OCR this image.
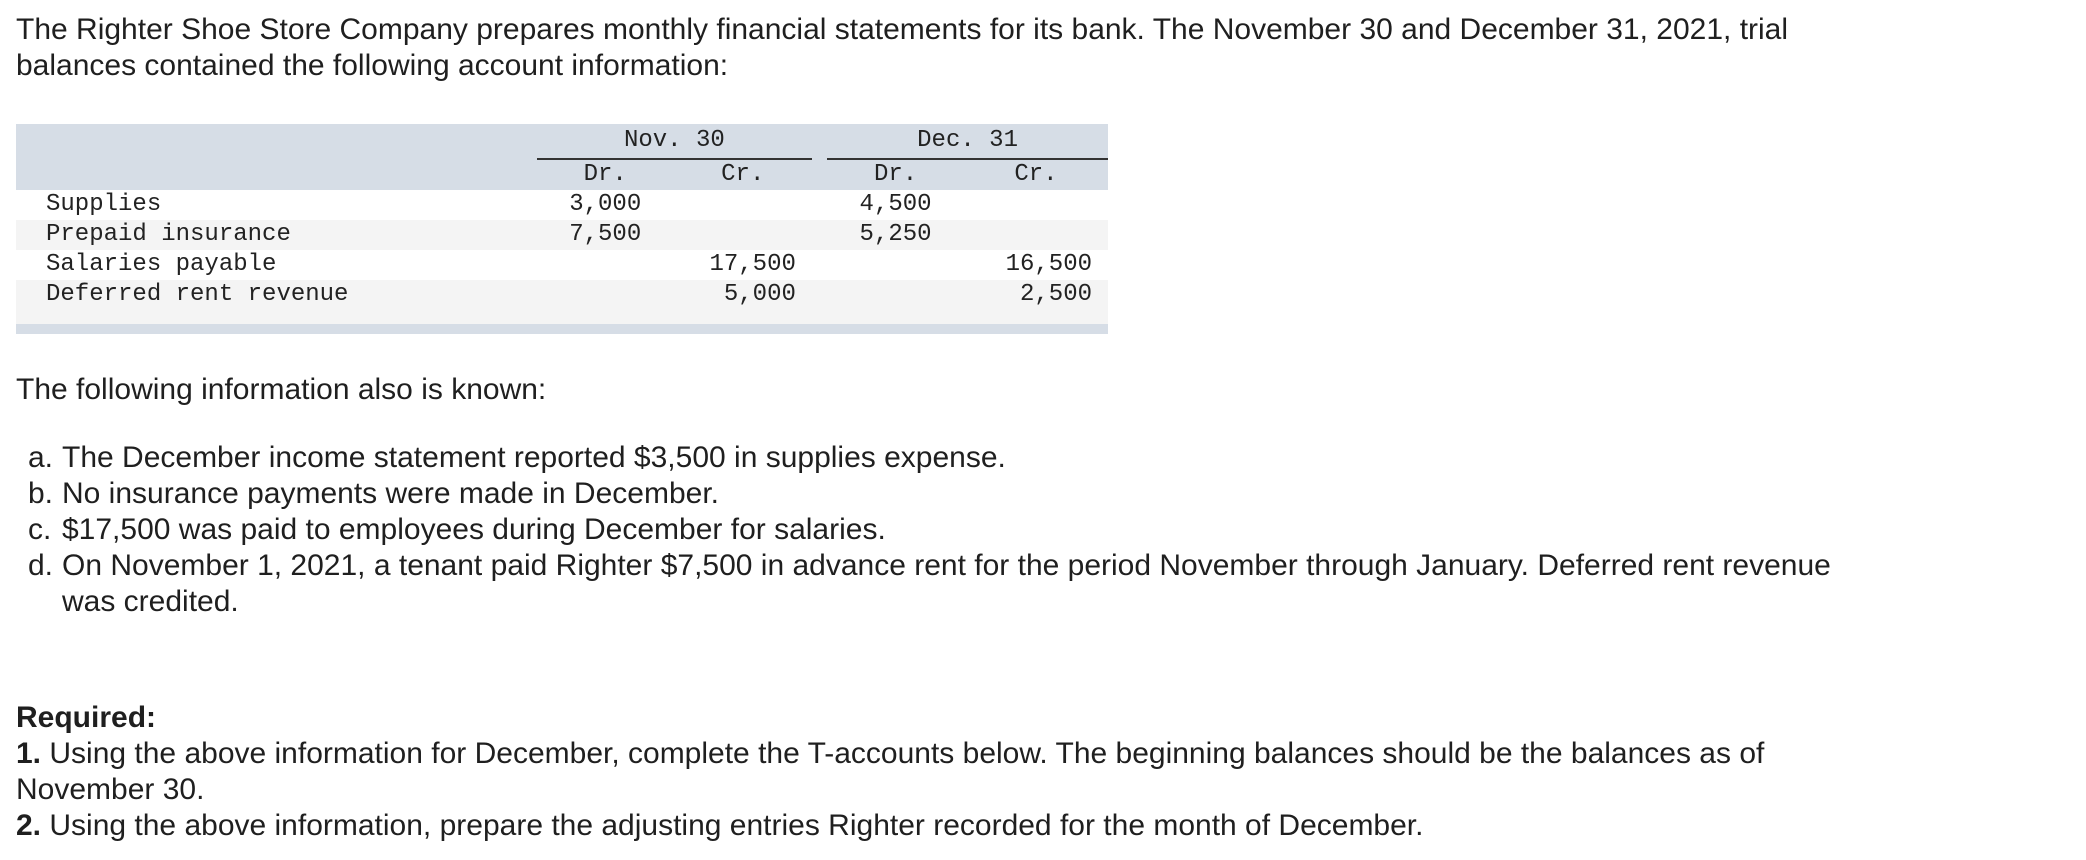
The Righter Shoe Store Company prepares monthly financial statements for its bank. The November 30 and December 31, 2021, trial balances contained the following account information:

	Nov. 30			Dec. 31	
	Dr.	Cr.		Dr.	Cr.
Supplies	3,000			4,500	
Prepaid insurance	7,500			5,250	
Salaries payable		17,500			16,500
Deferred rent revenue		5,000			2,500

The following information also is known:

a. The December income statement reported $3,500 in supplies expense.
b. No insurance payments were made in December.
c. $17,500 was paid to employees during December for salaries.
d. On November 1, 2021, a tenant paid Righter $7,500 in advance rent for the period November through January. Deferred rent revenue was credited.

Required:

1. Using the above information for December, complete the T-accounts below. The beginning balances should be the balances as of November 30.

2. Using the above information, prepare the adjusting entries Righter recorded for the month of December.
